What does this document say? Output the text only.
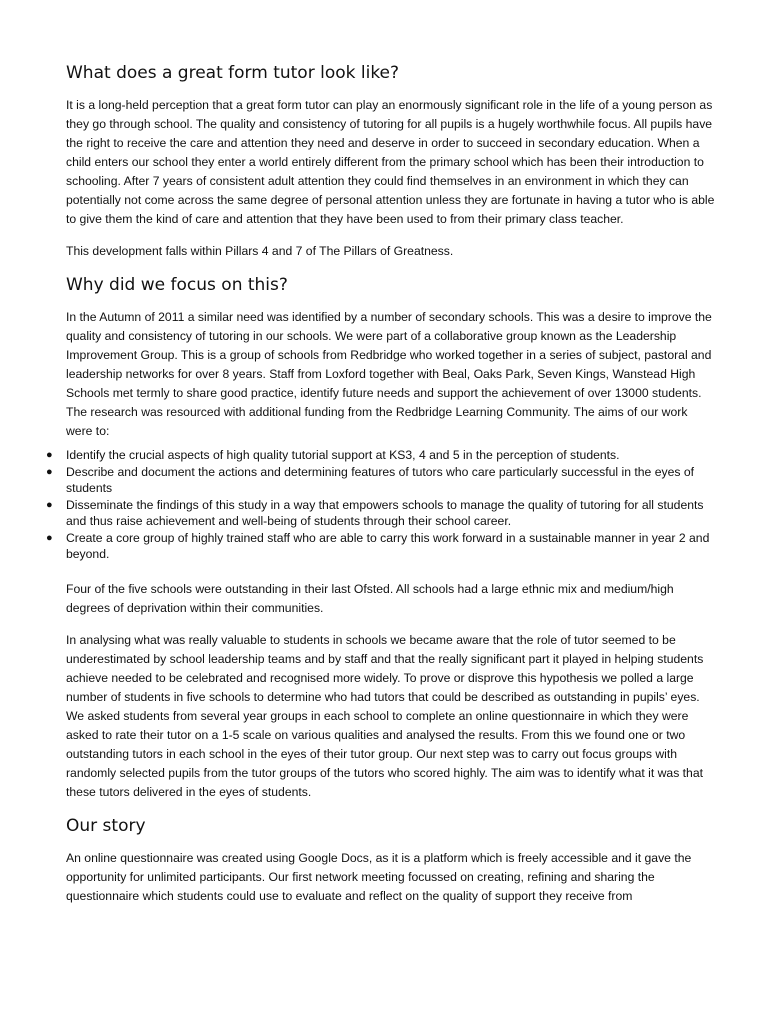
What does a great form tutor look like?

It is a long-held perception that a great form tutor can play an enormously significant role in the life of a young person as they go through school. The quality and consistency of tutoring for all pupils is a hugely worthwhile focus. All pupils have the right to receive the care and attention they need and deserve in order to succeed in secondary education. When a child enters our school they enter a world entirely different from the primary school which has been their introduction to schooling. After 7 years of consistent adult attention they could find themselves in an environment in which they can potentially not come across the same degree of personal attention unless they are fortunate in having a tutor who is able to give them the kind of care and attention that they have been used to from their primary class teacher.

This development falls within Pillars 4 and 7 of The Pillars of Greatness.

Why did we focus on this?

In the Autumn of 2011 a similar need was identified by a number of secondary schools. This was a desire to improve the quality and consistency of tutoring in our schools. We were part of a collaborative group known as the Leadership Improvement Group. This is a group of schools from Redbridge who worked together in a series of subject, pastoral and leadership networks for over 8 years. Staff from Loxford together with Beal, Oaks Park, Seven Kings, Wanstead High Schools met termly to share good practice, identify future needs and support the achievement of over 13000 students. The research was resourced with additional funding from the Redbridge Learning Community. The aims of our work were to:

● Identify the crucial aspects of high quality tutorial support at KS3, 4 and 5 in the perception of students.
● Describe and document the actions and determining features of tutors who care particularly successful in the eyes of students
● Disseminate the findings of this study in a way that empowers schools to manage the quality of tutoring for all students and thus raise achievement and well-being of students through their school career.
● Create a core group of highly trained staff who are able to carry this work forward in a sustainable manner in year 2 and beyond.

Four of the five schools were outstanding in their last Ofsted. All schools had a large ethnic mix and medium/high degrees of deprivation within their communities.

In analysing what was really valuable to students in schools we became aware that the role of tutor seemed to be underestimated by school leadership teams and by staff and that the really significant part it played in helping students achieve needed to be celebrated and recognised more widely. To prove or disprove this hypothesis we polled a large number of students in five schools to determine who had tutors that could be described as outstanding in pupils’ eyes. We asked students from several year groups in each school to complete an online questionnaire in which they were asked to rate their tutor on a 1-5 scale on various qualities and analysed the results. From this we found one or two outstanding tutors in each school in the eyes of their tutor group. Our next step was to carry out focus groups with randomly selected pupils from the tutor groups of the tutors who scored highly. The aim was to identify what it was that these tutors delivered in the eyes of students.

Our story

An online questionnaire was created using Google Docs, as it is a platform which is freely accessible and it gave the opportunity for unlimited participants. Our first network meeting focussed on creating, refining and sharing the questionnaire which students could use to evaluate and reflect on the quality of support they receive from
